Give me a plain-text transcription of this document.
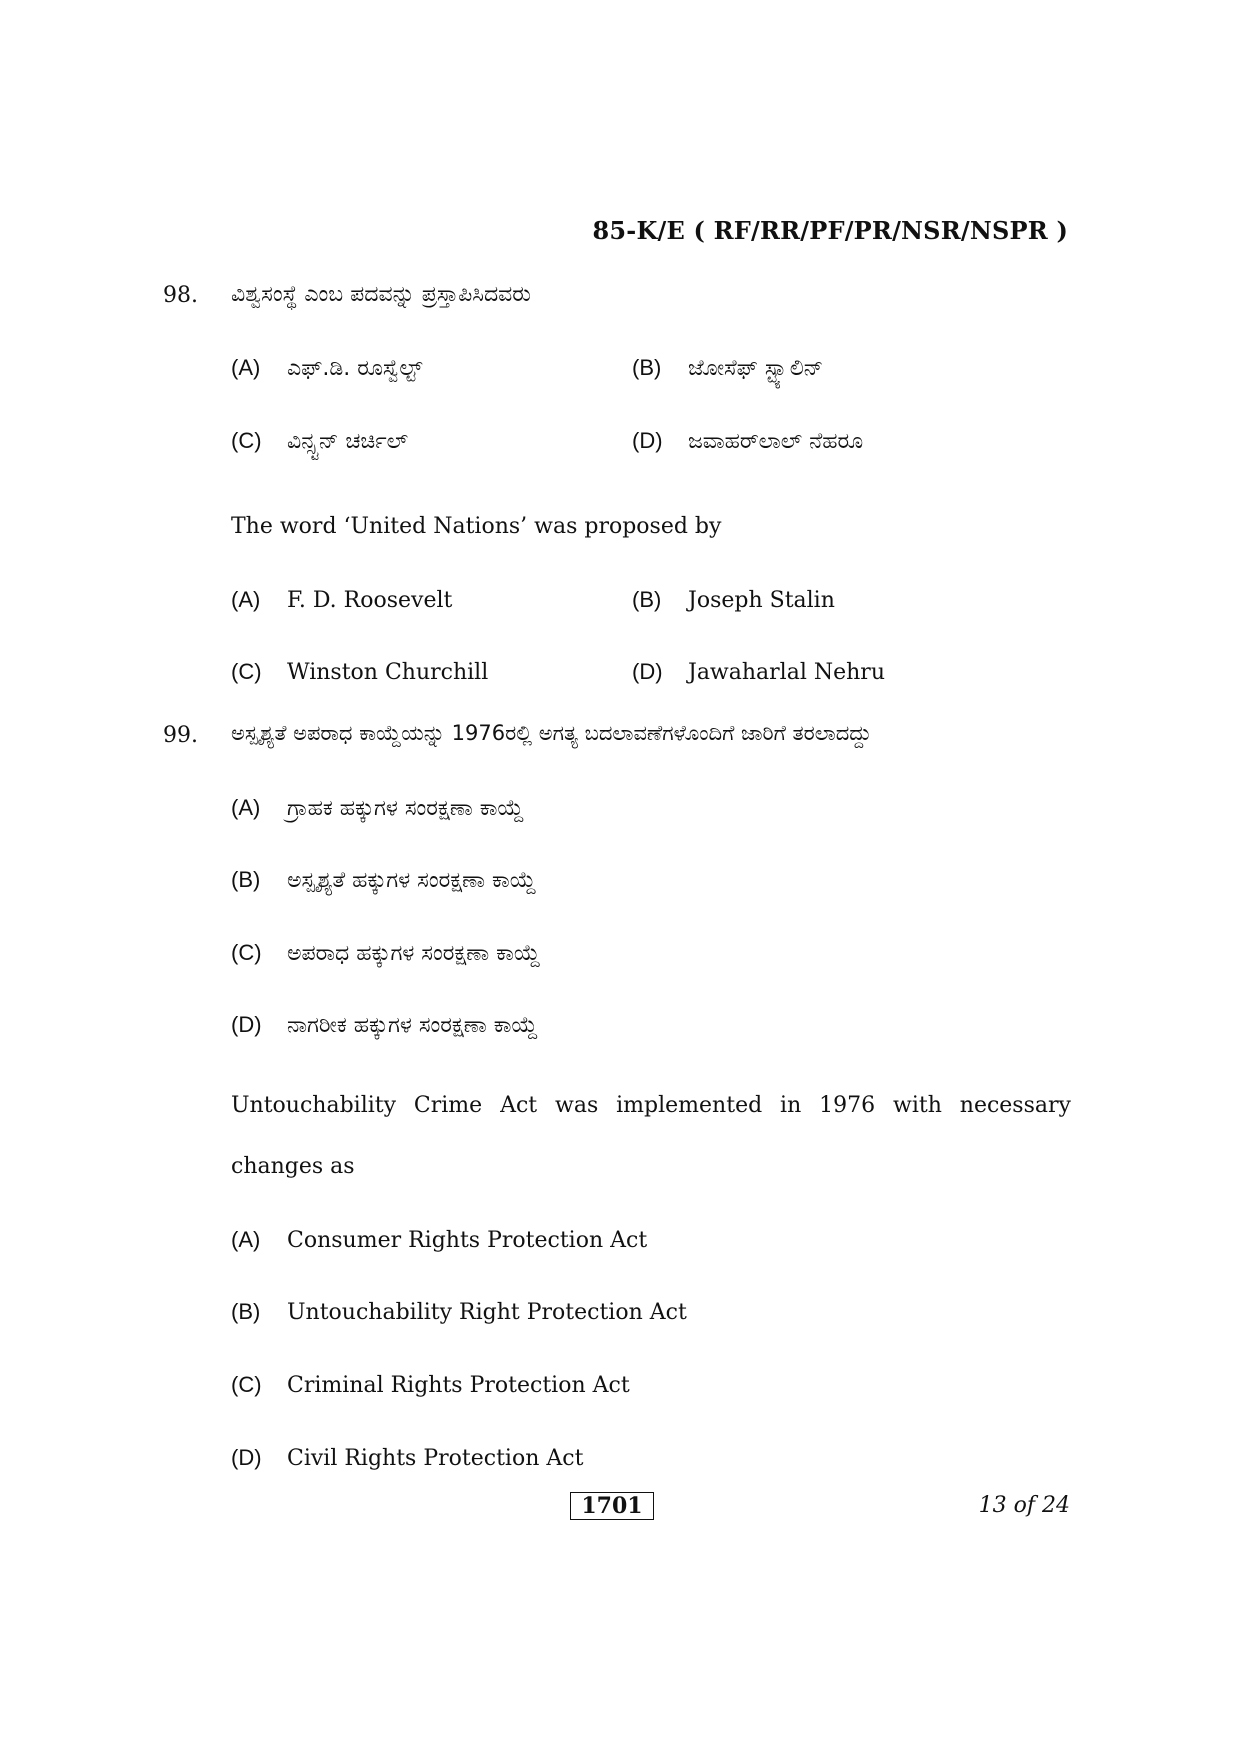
85-K/E ( RF/RR/PF/PR/NSR/NSPR )
98. ವಿಶ್ವಸಂಸ್ಥೆ ಎಂಬ ಪದವನ್ನು ಪ್ರಸ್ತಾಪಿಸಿದವರು
(A) ಎಫ್.ಡಿ. ರೂಸ್ವೆಲ್ಟ್	(B) ಜೋಸೆಫ್ ಸ್ಟ್ಯಾಲಿನ್
(C) ವಿನ್ಸ್ಟನ್ ಚರ್ಚಿಲ್	(D) ಜವಾಹರ್‌ಲಾಲ್ ನೆಹರೂ
The word ‘United Nations’ was proposed by
(A) F. D. Roosevelt	(B) Joseph Stalin
(C) Winston Churchill	(D) Jawaharlal Nehru
99. ಅಸ್ಪೃಶ್ಯತೆ ಅಪರಾಧ ಕಾಯ್ದೆಯನ್ನು 1976ರಲ್ಲಿ ಅಗತ್ಯ ಬದಲಾವಣೆಗಳೊಂದಿಗೆ ಜಾರಿಗೆ ತರಲಾದದ್ದು
(A) ಗ್ರಾಹಕ ಹಕ್ಕುಗಳ ಸಂರಕ್ಷಣಾ ಕಾಯ್ದೆ
(B) ಅಸ್ಪೃಶ್ಯತೆ ಹಕ್ಕುಗಳ ಸಂರಕ್ಷಣಾ ಕಾಯ್ದೆ
(C) ಅಪರಾಧ ಹಕ್ಕುಗಳ ಸಂರಕ್ಷಣಾ ಕಾಯ್ದೆ
(D) ನಾಗರೀಕ ಹಕ್ಕುಗಳ ಸಂರಕ್ಷಣಾ ಕಾಯ್ದೆ
Untouchability Crime Act was implemented in 1976 with necessary
changes as
(A) Consumer Rights Protection Act
(B) Untouchability Right Protection Act
(C) Criminal Rights Protection Act
(D) Civil Rights Protection Act
1701	13 of 24
